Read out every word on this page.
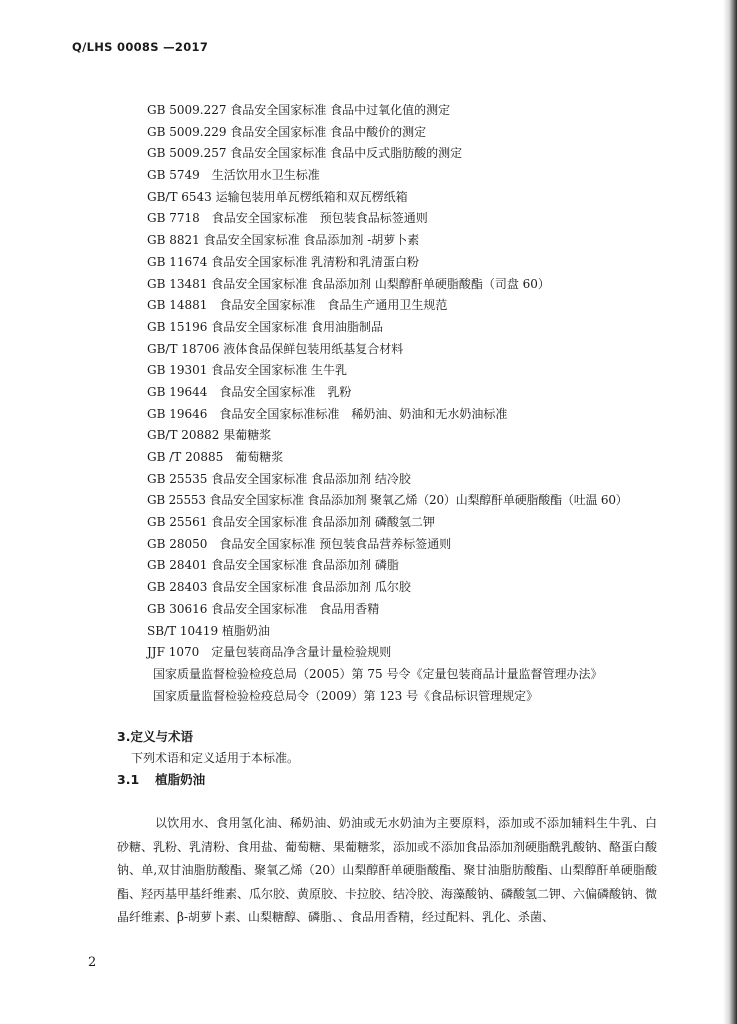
Q/LHS 0008S —2017
GB 5009.227 食品安全国家标准 食品中过氧化值的测定
GB 5009.229 食品安全国家标准 食品中酸价的测定
GB 5009.257 食品安全国家标准 食品中反式脂肪酸的测定
GB 5749　生活饮用水卫生标准
GB/T 6543 运输包装用单瓦楞纸箱和双瓦楞纸箱
GB 7718　食品安全国家标准　预包装食品标签通则
GB 8821 食品安全国家标准 食品添加剂 -胡萝卜素
GB 11674 食品安全国家标准 乳清粉和乳清蛋白粉
GB 13481 食品安全国家标准 食品添加剂 山梨醇酐单硬脂酸酯（司盘 60）
GB 14881　食品安全国家标准　食品生产通用卫生规范
GB 15196 食品安全国家标准 食用油脂制品
GB/T 18706 液体食品保鲜包装用纸基复合材料
GB 19301 食品安全国家标准 生牛乳
GB 19644　食品安全国家标准　乳粉
GB 19646　食品安全国家标准标准　稀奶油、奶油和无水奶油标准
GB/T 20882 果葡糖浆
GB /T 20885　葡萄糖浆
GB 25535 食品安全国家标准 食品添加剂 结冷胶
GB 25553 食品安全国家标准 食品添加剂 聚氧乙烯（20）山梨醇酐单硬脂酸酯（吐温 60）
GB 25561 食品安全国家标准 食品添加剂 磷酸氢二钾
GB 28050　食品安全国家标准 预包装食品营养标签通则
GB 28401 食品安全国家标准 食品添加剂 磷脂
GB 28403 食品安全国家标准 食品添加剂 瓜尔胶
GB 30616 食品安全国家标准　食品用香精
SB/T 10419 植脂奶油
JJF 1070　定量包装商品净含量计量检验规则
国家质量监督检验检疫总局（2005）第 75 号令《定量包装商品计量监督管理办法》
国家质量监督检验检疫总局令（2009）第 123 号《食品标识管理规定》
3.定义与术语
下列术语和定义适用于本标准。
3.1 植脂奶油

以饮用水、食用氢化油、稀奶油、奶油或无水奶油为主要原料，添加或不添加辅料生牛乳、白砂糖、乳粉、乳清粉、食用盐、葡萄糖、果葡糖浆，添加或不添加食品添加剂硬脂酰乳酸钠、酪蛋白酸钠、单,双甘油脂肪酸酯、聚氧乙烯（20）山梨醇酐单硬脂酸酯、聚甘油脂肪酸酯、山梨醇酐单硬脂酸酯、羟丙基甲基纤维素、瓜尔胶、黄原胶、卡拉胶、结冷胶、海藻酸钠、磷酸氢二钾、六偏磷酸钠、微晶纤维素、β-胡萝卜素、山梨糖醇、磷脂、、食品用香精，经过配料、乳化、杀菌、

2
